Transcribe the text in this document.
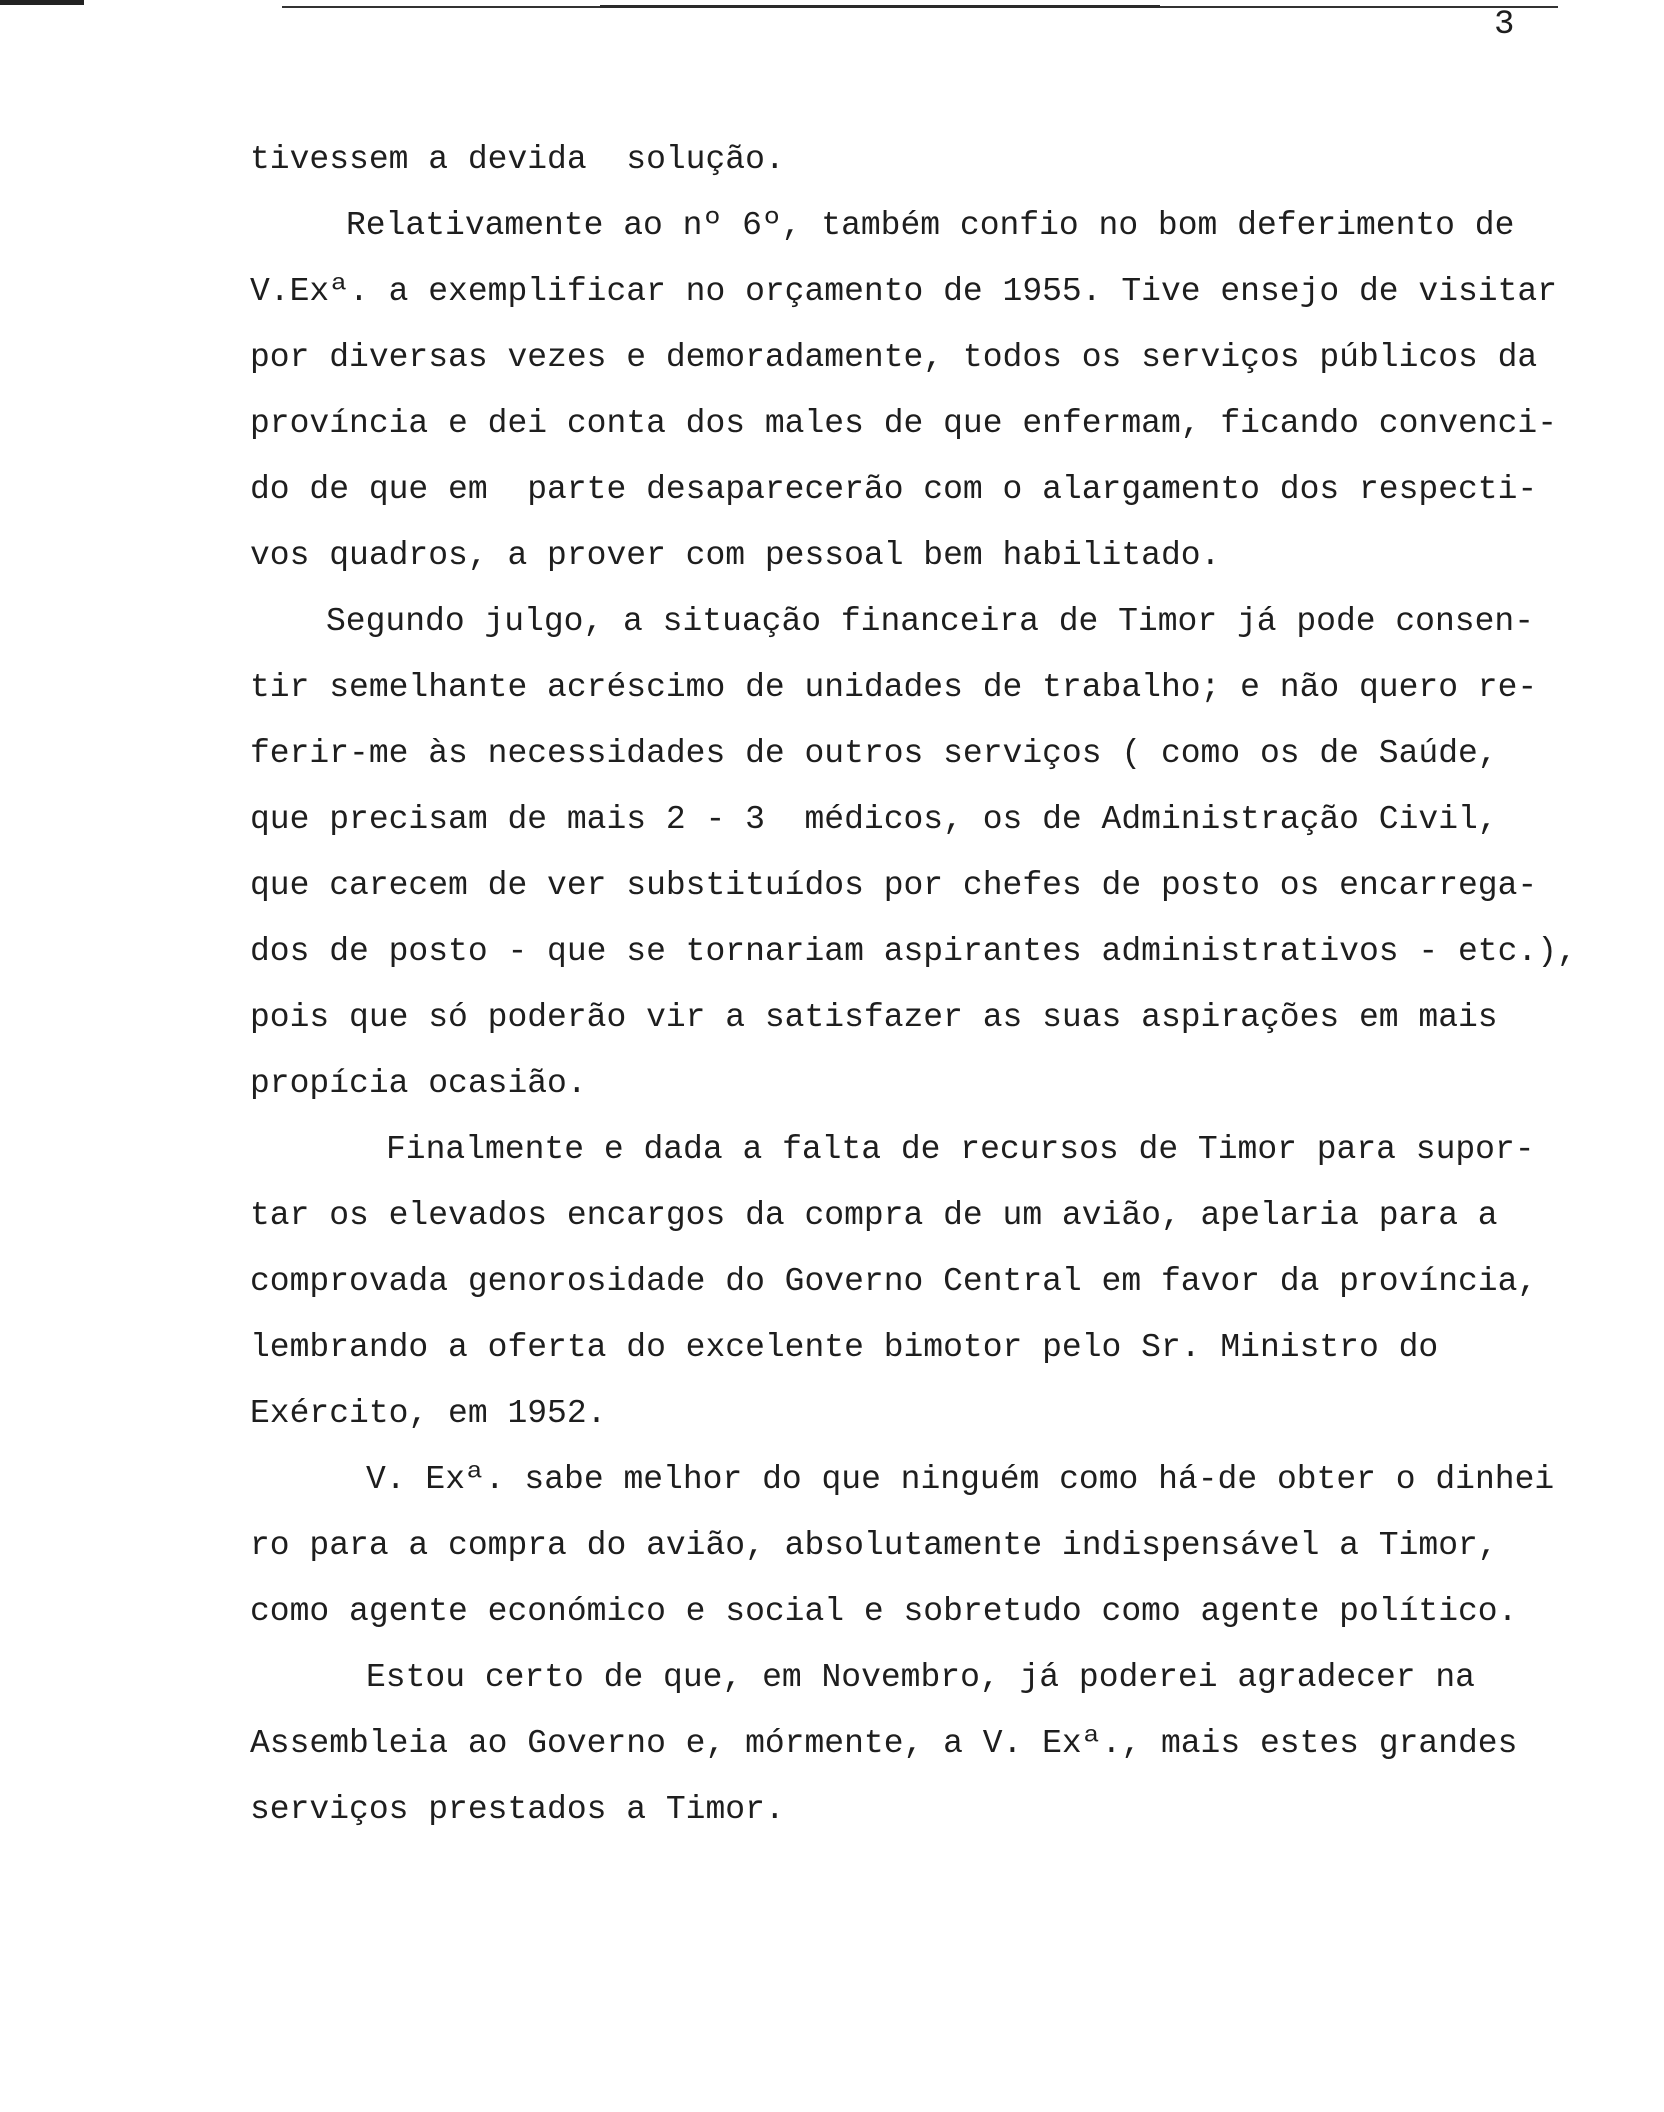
3
tivessem a devida  solução.
Relativamente ao nº 6º, também confio no bom deferimento de
V.Exª. a exemplificar no orçamento de 1955. Tive ensejo de visitar
por diversas vezes e demoradamente, todos os serviços públicos da
província e dei conta dos males de que enfermam, ficando convenci-
do de que em  parte desaparecerão com o alargamento dos respecti-
vos quadros, a prover com pessoal bem habilitado.
Segundo julgo, a situação financeira de Timor já pode consen-
tir semelhante acréscimo de unidades de trabalho; e não quero re-
ferir-me às necessidades de outros serviços ( como os de Saúde,
que precisam de mais 2 - 3  médicos, os de Administração Civil,
que carecem de ver substituídos por chefes de posto os encarrega-
dos de posto - que se tornariam aspirantes administrativos - etc.),
pois que só poderão vir a satisfazer as suas aspirações em mais
propícia ocasião.
Finalmente e dada a falta de recursos de Timor para supor-
tar os elevados encargos da compra de um avião, apelaria para a
comprovada genorosidade do Governo Central em favor da província,
lembrando a oferta do excelente bimotor pelo Sr. Ministro do
Exército, em 1952.
V. Exª. sabe melhor do que ninguém como há-de obter o dinhei
ro para a compra do avião, absolutamente indispensável a Timor,
como agente económico e social e sobretudo como agente político.
Estou certo de que, em Novembro, já poderei agradecer na
Assembleia ao Governo e, mórmente, a V. Exª., mais estes grandes
serviços prestados a Timor.
